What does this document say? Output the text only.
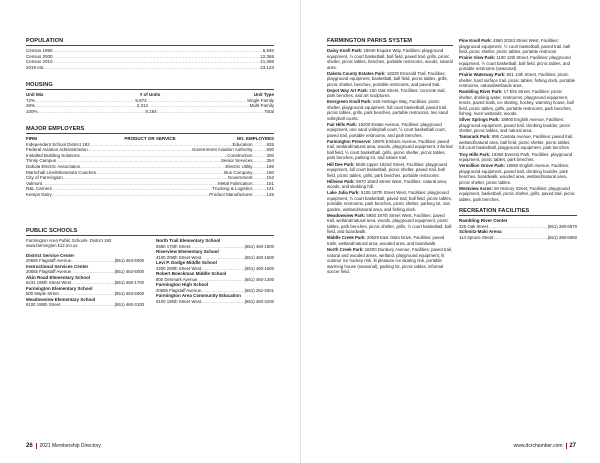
POPULATION
Census 1990 .....	5,940
Census 2000 .....	12,365
Census 2010 .....	21,086
2019 est. .....	23,123
HOUSING
Unit Mix	# of Units	Unit Type
72% .....	5,872 .....	Single Family
28% .....	2,312 .....	Multi-Family
100% .....	8,184 .....	Total
MAJOR EMPLOYERS
FIRM	PRODUCT OR SERVICE	NO. EMPLOYEES
Independent School District 192 .....	Education .....	925
Federal Aviation Administration .....	Government Aviation Authority .....	500
Installed Building Solutions .....	Construction .....	300
Trinity Campus .....	Senior Services .....	264
Dakota Electric Association .....	Electric Utility .....	196
Marschall Line/Minnesota Coaches .....	Bus Company .....	190
City of Farmington .....	Government .....	152
Valmont .....	Metal Fabrication .....	151
R&L Carriers .....	Trucking & Logistics .....	141
Kemps Dairy .....	Product Manufacturer .....	125
PUBLIC SCHOOLS
Farmington Area Public Schools- District 192
www.farmington.k12.mn.us
District Service Center
20655 Flagstaff Avenue .....	(651) 463-5000
Instructional Services Center
20655 Flagstaff Avenue .....	(651) 463-5000
Akin Road Elementary School
5231 195th Street West .....	(651) 460-1700
Farmington Elementary School
500 Maple Street .....	(651) 463-5000
Meadowview Elementary School
6100 195th Street .....	(651) 460-3100
North Trail Elementary School
5580 170th Street .....	(651) 460-1800
Riverview Elementary School
4100 208th Street West .....	(651) 460-1600
Levi P. Dodge Middle School
4200 208th Street West .....	(651) 460-1500
Robert Boeckman Middle School
800 Denmark Avenue .....	(651) 460-1400
Farmington High School
20655 Flagstaff Avenue .....	(651) 252-2501
Farmington Area Community Education
6100 195th Street West .....	(651) 460-3200
26 2021 Membership Directory
FARMINGTON PARKS SYSTEM

Daisy Knoll Park: 18640 Esquire Way, Facilities: playground equipment, ½ court basketball, ball field, paved trail, grills, picnic shelter, picnic tables, benches, portable restrooms, woods, natural area.

Dakota County Estates Park: 18220 Emerald Trail, Facilities: playground equipment, basketball, ball field, picnic tables, grills, picnic shelter, benches, portable restrooms, and paved trail.

Depot Way Art Park: 150 Oak Street, Facilities: concrete trail, park benches, and art sculptures.

Evergreen Knoll Park: 626 Heritage Way, Facilities: picnic shelter, playground equipment, full court basketball, paved trail, picnic tables, grills, park benches, portable restrooms, two sand volleyball courts.

Fair Hills Park: 19200 Estate Avenue, Facilities: playground equipment, one sand volleyball court, ½ court basketball court, paved trail, portable restrooms, and park benches.

Farmington Preserve: 19975 Embers Avenue, Facilities: paved trail, wetland/natural area, woods, playground equipment, informal ball field, ½ court basketball, grills, picnic shelter, picnic tables, park benches, parking lot, and nature trail.

Hill Dee Park: 5535 Upper 182nd Street, Facilities: playground equipment, full court basketball, picnic shelter, paved trail, ball field, picnic tables, grills, park benches, portable restrooms.

Hillview Park: 5970 183rd Street West, Facilities: natural area, woods, and sledding hill.

Lake Julia Park: 5105 187th Street West, Facilities: playground equipment, ½ court basketball, paved trail, ball field, picnic tables, portable restrooms, park benches, picnic shelter, parking lot, rain garden, wetland/natural area, and fishing dock.

Meadowview Park: 5950 197th Street West, Facilities: paved trail, wetland/natural area, woods, playground equipment, picnic tables, park benches, picnic shelter, grills, ½ court basketball, ball field, and boardwalk.

Middle Creek Park: 20629 East Oaks Drive, Facilities: paved trails, wetland/natural area, wooded area, and boardwalk.

North Creek Park: 18200 Dunbury Avenue, Facilities: paved trail, natural and wooded areas, wetland, playground equipment, lit outdoor ice hockey rink, lit pleasure ice skating rink, portable warming house (seasonal), parking lot, picnic tables, informal soccer field.

Pine Knoll Park: 4960 203rd Street West, Facilities: playground equipment, ½ court basketball, paved trail, ball field, picnic shelter, picnic tables, portable restroom.

Prairie View Park: 1100 12th Street, Facilities: playground equipment, ½ court basketball, ball field, picnic tables, and portable restrooms (seasonal).

Prairie Waterway Park: 821 13th Street, Facilities: picnic shelter, hard surface trail, picnic tables, fishing dock, portable restrooms, natural/wetlands area.

Rambling River Park: 17 Elm Street, Facilities: picnic shelter, drinking water, restrooms, playground equipment, tennis, paved trails, ice skating, hockey, warming house, ball field, picnic tables, grills, portable restrooms, park benches, fishing, river/ wetlands, woods.

Silver Springs Park: 18900 English Avenue, Facilities: playground equipment, paved trail, climbing boulder, picnic shelter, picnic tables, and natural area.

Tamarack Park: 895 Cantata Avenue, Facilities: paved trail, wetland/natural area, ball field, picnic shelter, picnic tables, full court basketball, playground equipment, park benches.

Troy Hills Park: 19360 Everest Path, Facilities: playground equipment, picnic tables, park benches.

Vermillion Grove Park: 19850 English Avenue, Facilities: playground equipment, paved trail, climbing boulder, park benches, boardwalk, wooded area, wetland/natural area, picnic shelter, picnic tables.

Westview Acres: 50 Hickory Street, Facilities: playground equipment, basketball, picnic shelter, grills, paved trail, picnic tables, park benches.

RECREATION FACILITIES
Rambling River Center
325 Oak Street .....	(651) 280-6970
Schmitz-Maki Arena
114 Spruce Street .....	(651) 280-6960
www.dcrchamber.com 27
